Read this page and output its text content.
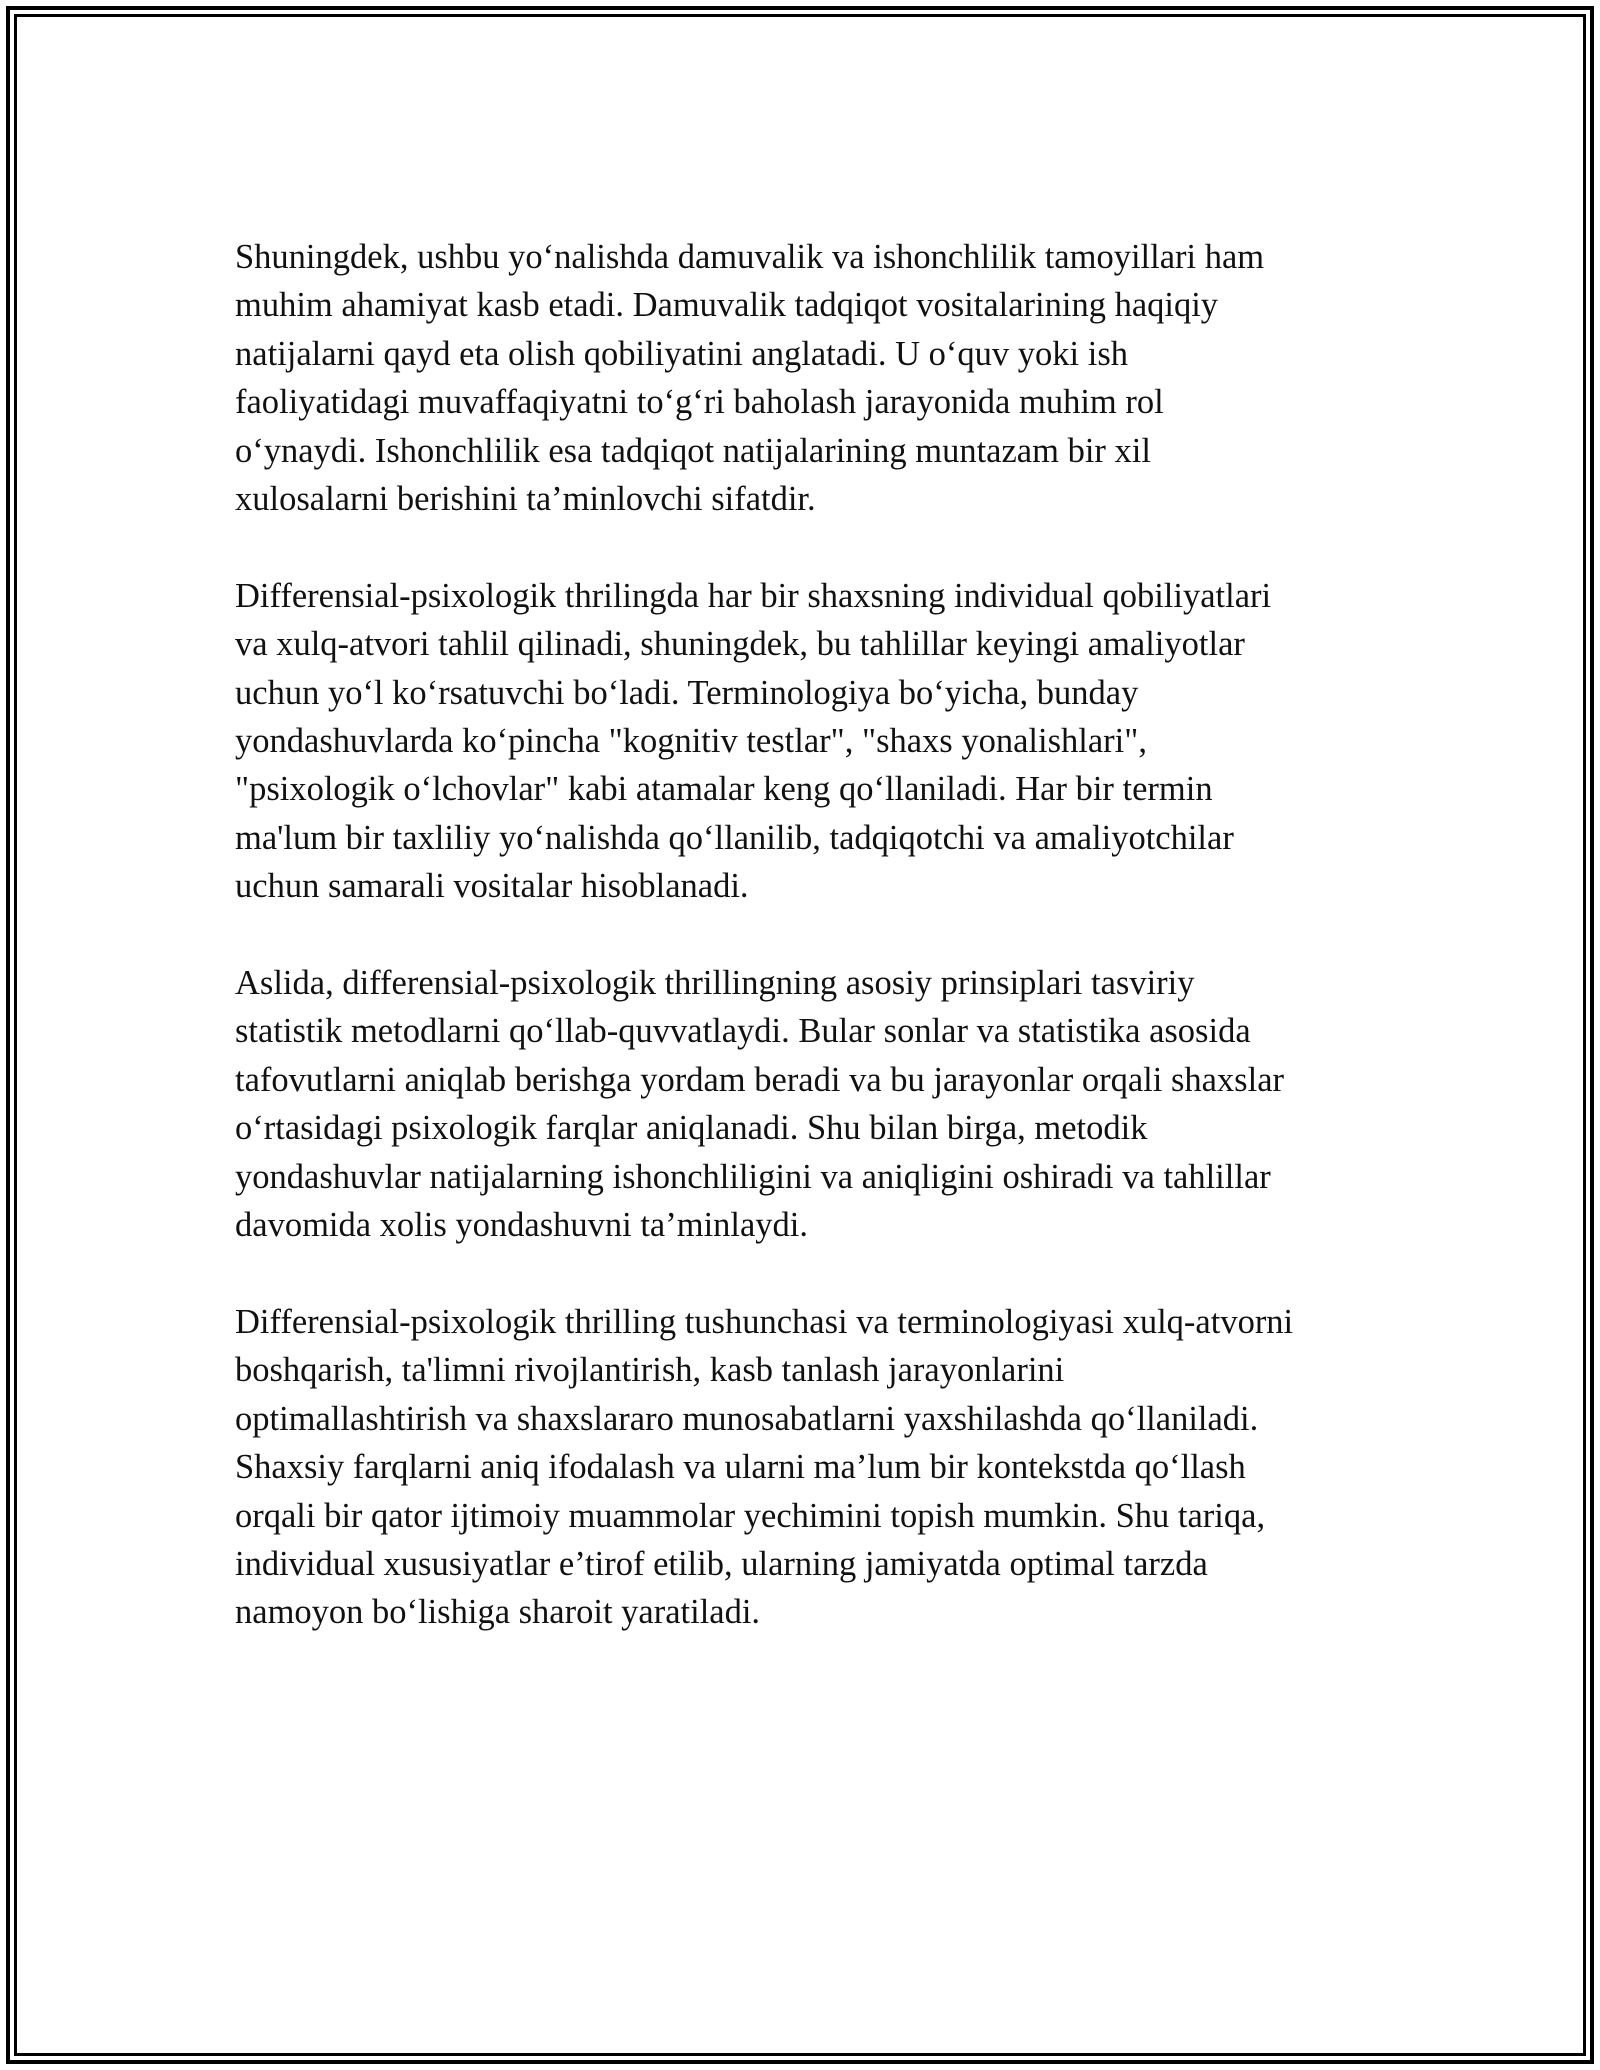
Shuningdek, ushbu yo‘nalishda damuvalik va ishonchlilik tamoyillari ham
muhim ahamiyat kasb etadi. Damuvalik tadqiqot vositalarining haqiqiy
natijalarni qayd eta olish qobiliyatini anglatadi. U o‘quv yoki ish
faoliyatidagi muvaffaqiyatni to‘g‘ri baholash jarayonida muhim rol
o‘ynaydi. Ishonchlilik esa tadqiqot natijalarining muntazam bir xil
xulosalarni berishini ta’minlovchi sifatdir.

Differensial-psixologik thrilingda har bir shaxsning individual qobiliyatlari
va xulq-atvori tahlil qilinadi, shuningdek, bu tahlillar keyingi amaliyotlar
uchun yo‘l ko‘rsatuvchi bo‘ladi. Terminologiya bo‘yicha, bunday
yondashuvlarda ko‘pincha "kognitiv testlar", "shaxs yonalishlari",
"psixologik o‘lchovlar" kabi atamalar keng qo‘llaniladi. Har bir termin
ma'lum bir taxliliy yo‘nalishda qo‘llanilib, tadqiqotchi va amaliyotchilar
uchun samarali vositalar hisoblanadi.

Aslida, differensial-psixologik thrillingning asosiy prinsiplari tasviriy
statistik metodlarni qo‘llab-quvvatlaydi. Bular sonlar va statistika asosida
tafovutlarni aniqlab berishga yordam beradi va bu jarayonlar orqali shaxslar
o‘rtasidagi psixologik farqlar aniqlanadi. Shu bilan birga, metodik
yondashuvlar natijalarning ishonchliligini va aniqligini oshiradi va tahlillar
davomida xolis yondashuvni ta’minlaydi.

Differensial-psixologik thrilling tushunchasi va terminologiyasi xulq-atvorni
boshqarish, ta'limni rivojlantirish, kasb tanlash jarayonlarini
optimallashtirish va shaxslararo munosabatlarni yaxshilashda qo‘llaniladi.
Shaxsiy farqlarni aniq ifodalash va ularni ma’lum bir kontekstda qo‘llash
orqali bir qator ijtimoiy muammolar yechimini topish mumkin. Shu tariqa,
individual xususiyatlar e’tirof etilib, ularning jamiyatda optimal tarzda
namoyon bo‘lishiga sharoit yaratiladi.
